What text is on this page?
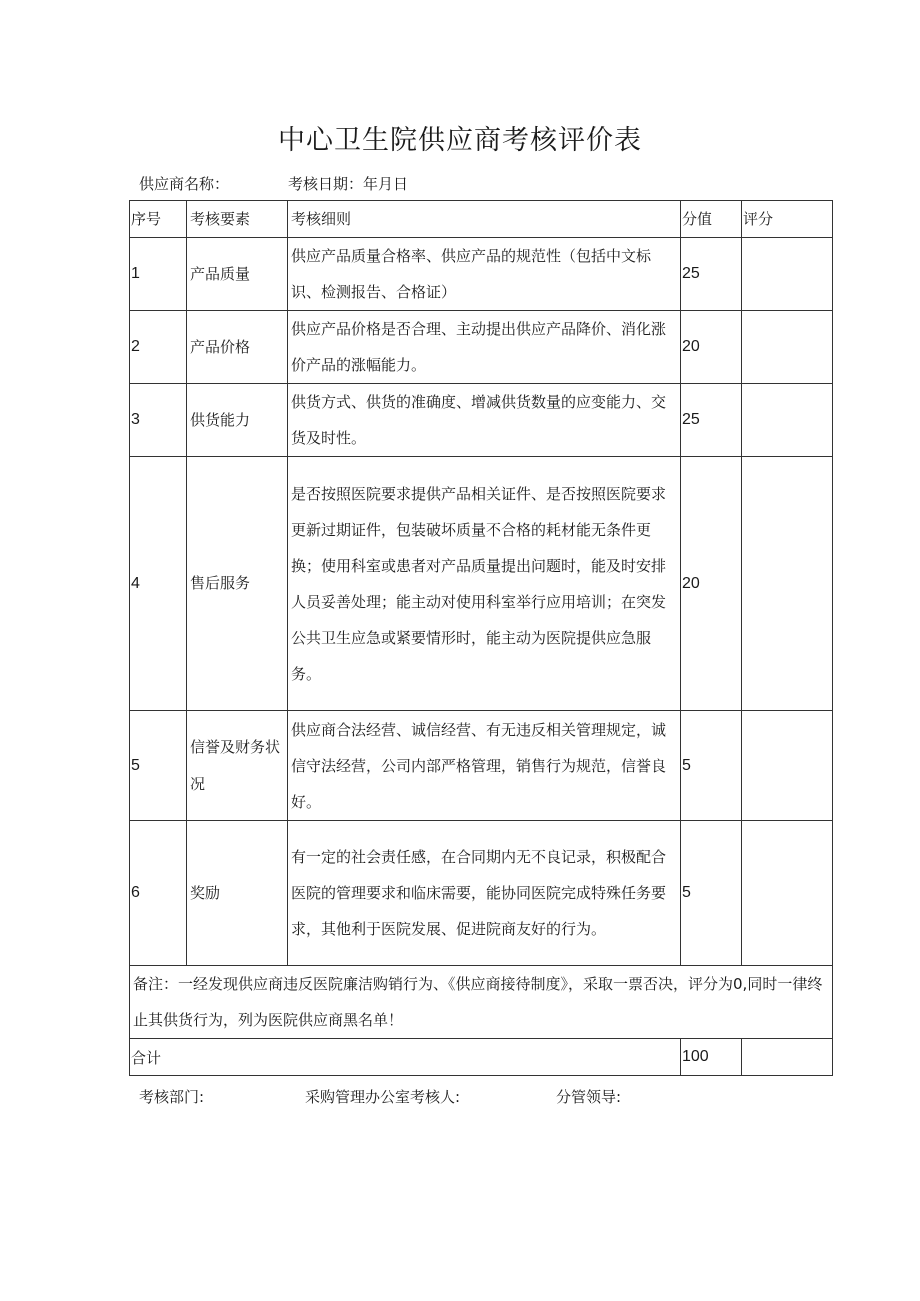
中心卫生院供应商考核评价表
供应商名称：	考核日期：年月日
序号	考核要素	考核细则	分值	评分
1	产品质量	供应产品质量合格率、供应产品的规范性（包括中文标识、检测报告、合格证）	25	
2	产品价格	供应产品价格是否合理、主动提出供应产品降价、消化涨价产品的涨幅能力。	20	
3	供货能力	供货方式、供货的准确度、增减供货数量的应变能力、交货及时性。	25	
4	售后服务	是否按照医院要求提供产品相关证件、是否按照医院要求更新过期证件，包装破坏质量不合格的耗材能无条件更换；使用科室或患者对产品质量提出问题时，能及时安排人员妥善处理；能主动对使用科室举行应用培训；在突发公共卫生应急或紧要情形时，能主动为医院提供应急服务。	20	
5	信誉及财务状况	供应商合法经营、诚信经营、有无违反相关管理规定，诚信守法经营，公司内部严格管理，销售行为规范，信誉良好。	5	
6	奖励	有一定的社会责任感，在合同期内无不良记录，积极配合医院的管理要求和临床需要，能协同医院完成特殊任务要求，其他利于医院发展、促进院商友好的行为。	5	
备注：一经发现供应商违反医院廉洁购销行为、《供应商接待制度》，采取一票否决，评分为0,同时一律终止其供货行为，列为医院供应商黑名单！				
合计			100	
考核部门:	采购管理办公室考核人:	分管领导:
